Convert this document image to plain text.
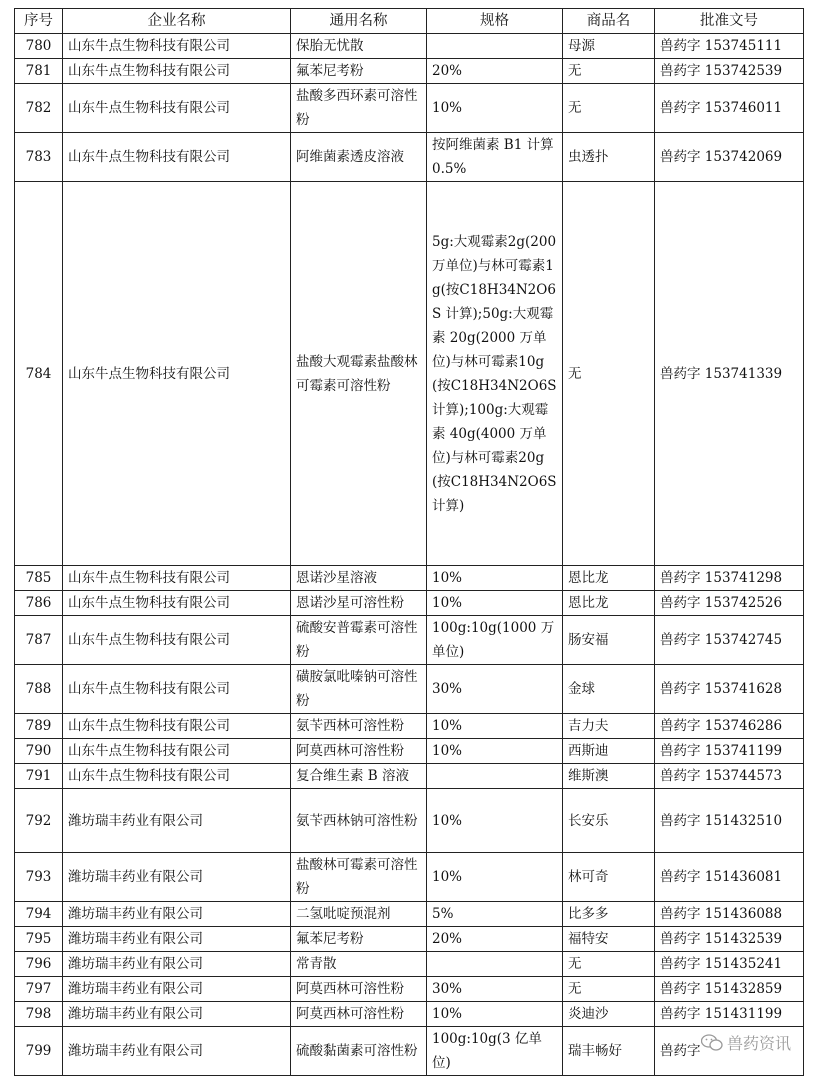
序号	企业名称	通用名称	规格	商品名	批准文号
780	山东牛点生物科技有限公司	保胎无忧散		母源	兽药字 153745111
781	山东牛点生物科技有限公司	氟苯尼考粉	20%	无	兽药字 153742539
782	山东牛点生物科技有限公司	盐酸多西环素可溶性粉	10%	无	兽药字 153746011
783	山东牛点生物科技有限公司	阿维菌素透皮溶液	按阿维菌素 B1 计算 0.5%	虫透扑	兽药字 153742069
784	山东牛点生物科技有限公司	盐酸大观霉素盐酸林可霉素可溶性粉	5g:大观霉素2g(200 万单位)与林可霉素1g(按C18H34N2O6S 计算);50g:大观霉素 20g(2000 万单位)与林可霉素10g(按C18H34N2O6S 计算);100g:大观霉素 40g(4000 万单位)与林可霉素20g(按C18H34N2O6S 计算)	无	兽药字 153741339
785	山东牛点生物科技有限公司	恩诺沙星溶液	10%	恩比龙	兽药字 153741298
786	山东牛点生物科技有限公司	恩诺沙星可溶性粉	10%	恩比龙	兽药字 153742526
787	山东牛点生物科技有限公司	硫酸安普霉素可溶性粉	100g:10g(1000 万单位)	肠安福	兽药字 153742745
788	山东牛点生物科技有限公司	磺胺氯吡嗪钠可溶性粉	30%	金球	兽药字 153741628
789	山东牛点生物科技有限公司	氨苄西林可溶性粉	10%	吉力夫	兽药字 153746286
790	山东牛点生物科技有限公司	阿莫西林可溶性粉	10%	西斯迪	兽药字 153741199
791	山东牛点生物科技有限公司	复合维生素 B 溶液		维斯澳	兽药字 153744573
792	潍坊瑞丰药业有限公司	氨苄西林钠可溶性粉	10%	长安乐	兽药字 151432510
793	潍坊瑞丰药业有限公司	盐酸林可霉素可溶性粉	10%	林可奇	兽药字 151436081
794	潍坊瑞丰药业有限公司	二氢吡啶预混剂	5%	比多多	兽药字 151436088
795	潍坊瑞丰药业有限公司	氟苯尼考粉	20%	福特安	兽药字 151432539
796	潍坊瑞丰药业有限公司	常青散		无	兽药字 151435241
797	潍坊瑞丰药业有限公司	阿莫西林可溶性粉	30%	无	兽药字 151432859
798	潍坊瑞丰药业有限公司	阿莫西林可溶性粉	10%	炎迪沙	兽药字 151431199
799	潍坊瑞丰药业有限公司	硫酸黏菌素可溶性粉	100g:10g(3 亿单位)	瑞丰畅好	兽药字 兽药资讯
